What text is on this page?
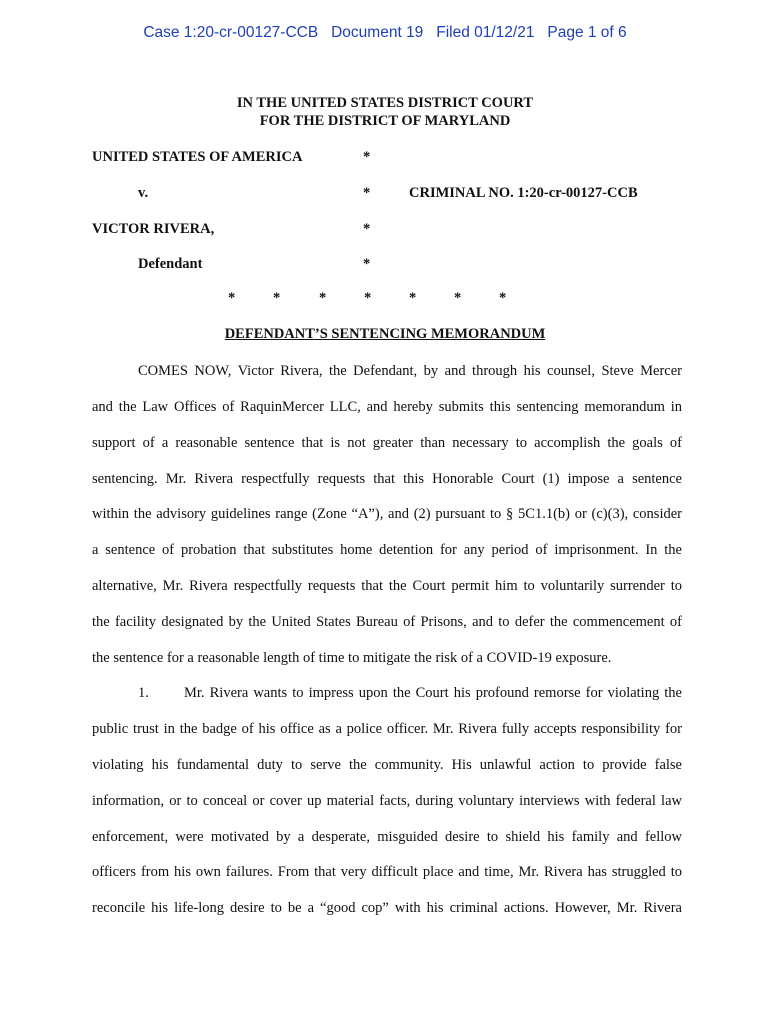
Case 1:20-cr-00127-CCB   Document 19   Filed 01/12/21   Page 1 of 6
IN THE UNITED STATES DISTRICT COURT
FOR THE DISTRICT OF MARYLAND
UNITED STATES OF AMERICA	*
v.	*	CRIMINAL NO. 1:20-cr-00127-CCB
VICTOR RIVERA,	*
Defendant	*
*	*	*	*	*	*	*
DEFENDANT’S SENTENCING MEMORANDUM
COMES NOW, Victor Rivera, the Defendant, by and through his counsel, Steve Mercer
and the Law Offices of RaquinMercer LLC, and hereby submits this sentencing memorandum in
support of a reasonable sentence that is not greater than necessary to accomplish the goals of
sentencing. Mr. Rivera respectfully requests that this Honorable Court (1) impose a sentence
within the advisory guidelines range (Zone “A”), and (2) pursuant to § 5C1.1(b) or (c)(3), consider
a sentence of probation that substitutes home detention for any period of imprisonment. In the
alternative, Mr. Rivera respectfully requests that the Court permit him to voluntarily surrender to
the facility designated by the United States Bureau of Prisons, and to defer the commencement of
the sentence for a reasonable length of time to mitigate the risk of a COVID-19 exposure.
1. Mr. Rivera wants to impress upon the Court his profound remorse for violating the
public trust in the badge of his office as a police officer. Mr. Rivera fully accepts responsibility for
violating his fundamental duty to serve the community. His unlawful action to provide false
information, or to conceal or cover up material facts, during voluntary interviews with federal law
enforcement, were motivated by a desperate, misguided desire to shield his family and fellow
officers from his own failures. From that very difficult place and time, Mr. Rivera has struggled to
reconcile his life-long desire to be a “good cop” with his criminal actions. However, Mr. Rivera
